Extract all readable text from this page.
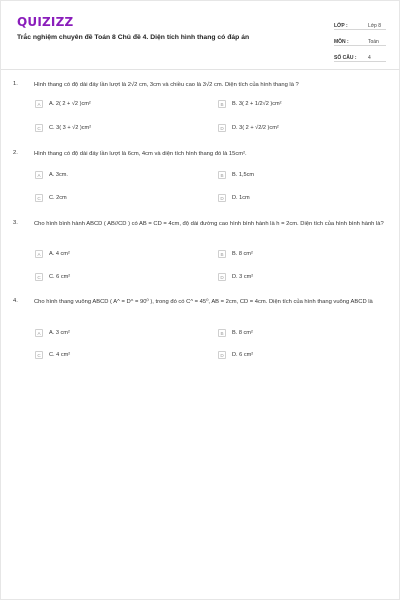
QUIZIZZ
Trắc nghiệm chuyên đề Toán 8 Chủ đề 4. Diện tích hình thang có đáp án
LỚP :	Lớp 8
MÔN :	Toán
SỐ CÂU : 4
1.	Hình thang có độ dài đáy lần lượt là 2√2 cm, 3cm và chiều cao là 3√2 cm. Diện tích của hình thang là ?
A	A. 2( 2 + √2 )cm²	B	B. 3( 2 + 1/2√2 )cm²
C	C. 3( 3 + √2 )cm²	D	D. 3( 2 + √2/2 )cm²
2.	Hình thang có độ dài đáy lần lượt là 6cm, 4cm và diện tích hình thang đó là 15cm².
A	A. 3cm.	B	B. 1,5cm
C	C. 2cm	D	D. 1cm
3.	Cho hình bình hành ABCD ( AB//CD ) có AB = CD = 4cm, độ dài đường cao hình bình hành là h = 2cm. Diện tích của hình bình hành là?
A	A. 4 cm²	B	B. 8 cm²
C	C. 6 cm²	D	D. 3 cm²
4.	Cho hình thang vuông ABCD ( A^ = D^ = 90⁰ ), trong đó có C^ = 45⁰, AB = 2cm, CD = 4cm. Diện tích của hình thang vuông ABCD là
A	A. 3 cm²	B	B. 8 cm²
C	C. 4 cm²	D	D. 6 cm²
